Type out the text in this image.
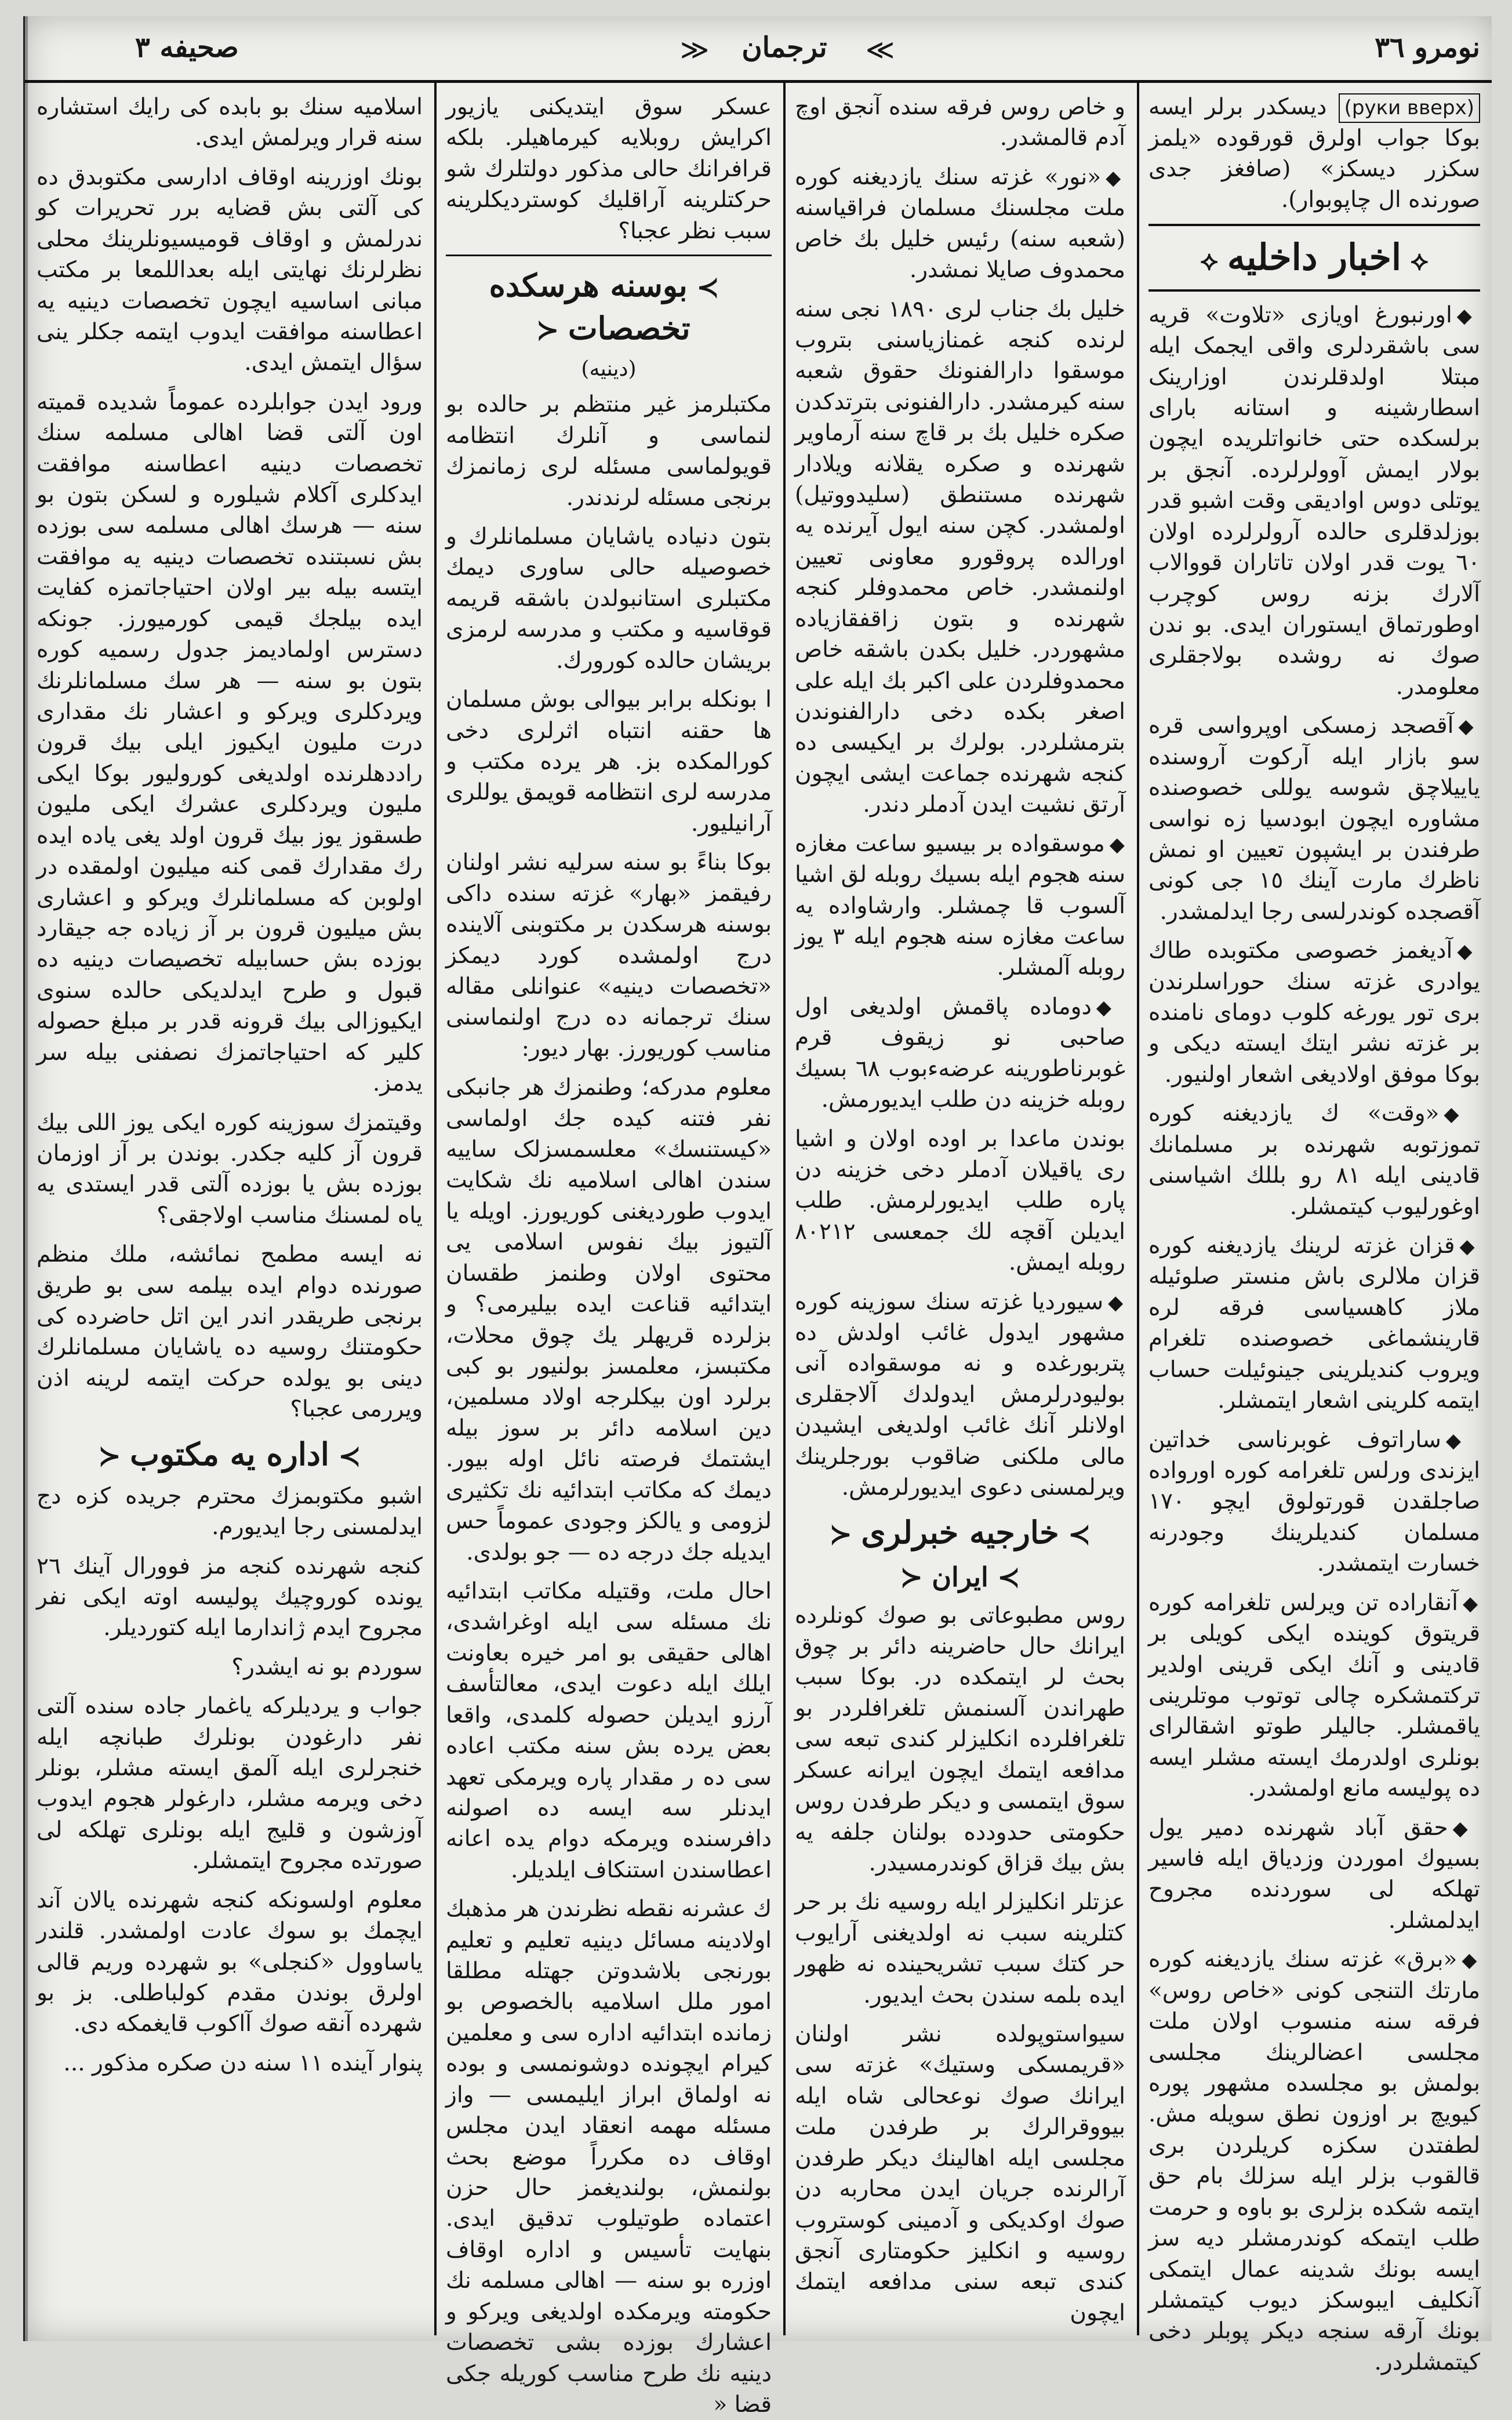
نومرو ٣٦
≫	ترجمان	≪
صحيفه ٣

(руки вверх) دیسکدر برلر ایسه بوکا جواب اولرق قورقوده «یلمز سکزر دیسکز» (صافغز جدی صورنده ال چاپوبوار).

⟡اخبار داخلیه⟡

◆اورنبورغ اویازی «تلاوت» قریه سی باشقردلری واقی ایجمک ایله مبتلا اولدقلرندن اوزارینک اسطارشینه و استانه بارای برلسکده حتی خانواتلریده ایچون بولار ایمش آوولرلرده. آنجق بر یوتلی دوس اوادیقی وقت اشبو قدر بوزلدقلری حالده آرولرلرده اولان ٦٠ یوت قدر اولان تاتاران قووالاب آلارك بزنه روس کوچرب اوطورتماق ایستوران ایدی. بو ندن صوك نه روشده بولاجقلری معلومدر.

◆آقصجد زمسکی اوپرواسی قره سو بازار ایله آرکوت آروسنده یاییلاچق شوسه یوللی خصوصنده مشاوره ایچون ابودسیا زه نواسی طرفندن بر ایشپون تعیین او نمش ناظرك مارت آینك ١٥ جی کونی آقصجده کوندرلسی رجا ایدلمشدر.

◆آدیغمز خصوصی مکتوبده طاك یوادری غزته سنك حوراسلرندن بری تور یورغه کلوب دومای نامنده بر غزته نشر ایتك ایسته دیکی و بوکا موفق اولادیغی اشعار اولنیور.

◆«وقت» ك یازدیغنه کوره تموزتوبه شهرنده بر مسلمانك قادینی ایله ٨١ رو بللك اشیاسنی اوغورلیوب کیتمشلر.

◆قزان غزته لرینك یازدیغنه کوره قزان ملالری باش منستر صلوئیله ملاز کاهسیاسی فرقه لره قارینشماغی خصوصنده تلغرام ویروب کندیلرینی جینوئیلت حساب ایتمه کلرینی اشعار ایتمشلر.

◆ساراتوف غوبرناسی خداتین ایزندی ورلس تلغرامه کوره اورواده صاجلقدن قورتولوق ایچو ١٧٠ مسلمان کندیلرینك وجودرنه خسارت ایتمشدر.

◆آنقاراده تن ویرلس تلغرامه کوره قریتوق کوینده ایکی کویلی بر قادینی و آنك ایکی قرینی اولدیر ترکتمشکره چالی توتوب موتلرینی یاقمشلر. جالیلر طوتو اشقالرای بونلری اولدرمك ایسته مشلر ایسه ده پولیسه مانع اولمشدر.

◆حقق آباد شهرنده دمیر یول بسیوك اموردن وزدیاق ایله فاسیر تهلکه لی سوردنده مجروح ایدلمشلر.

◆«برق» غزته سنك یازدیغنه کوره مارتك التنجی کونی «خاص روس» فرقه سنه منسوب اولان ملت مجلسی اعضالرینك مجلسی بولمش بو مجلسده مشهور پوره کیویچ بر اوزون نطق سویله مش. لطفتدن سکزه کریلردن بری قالقوب بزلر ایله سزلك بام حق ایتمه شکده بزلری بو باوه و حرمت طلب ایتمکه کوندرمشلر دیه سز ایسه بونك شدینه عمال ایتمکی آنکلیف ایبوسکز دیوب کیتمشلر بونك آرقه سنجه دیکر پوبلر دخی کیتمشلردر.

و خاص روس فرقه سنده آنجق اوچ آدم قالمشدر.

◆«نور» غزته سنك یازدیغنه کوره ملت مجلسنك مسلمان فراقیاسنه (شعبه سنه) رئیس خلیل بك خاص محمدوف صایلا نمشدر.

خلیل بك جناب لری ١٨٩٠ نجی سنه لرنده کنجه غمنازیاسنی بتروب موسقوا دارالفنونك حقوق شعبه سنه کیرمشدر. دارالفنونی بترتدکدن صکره خلیل بك بر قاچ سنه آرماویر شهرنده و صکره یقلانه ویلادار شهرنده مستنطق (سلیدووتیل) اولمشدر. کچن سنه ایول آیرنده یه اورالده پروقورو معاونی تعیین اولنمشدر. خاص محمدوفلر کنجه شهرنده و بتون زاقفقازیاده مشهوردر. خلیل بکدن باشقه خاص محمدوفلردن علی اکبر بك ایله علی اصغر بکده دخی دارالفنوندن بترمشلردر. بولرك بر ایکیسی ده کنجه شهرنده جماعت ایشی ایچون آرتق نشیت ایدن آدملر دندر.

◆موسقواده بر بیسیو ساعت مغازه سنه هجوم ایله بسیك روبله لق اشیا آلسوب قا چمشلر. وارشاواده یه ساعت مغازه سنه هجوم ایله ٣ یوز روبله آلمشلر.

◆دوماده پاقمش اولدیغی اول صاحبی نو زیقوف قرم غوبرناطورینه عرضهءبوب ٦٨ بسیك روبله خزینه دن طلب ایدیورمش.

بوندن ماعدا بر اوده اولان و اشیا ری یاقیلان آدملر دخی خزینه دن پاره طلب ایدیورلرمش. طلب ایدیلن آقچه لك جمعسی ٨٠٢١٢ روبله ایمش.

◆سیوردیا غزته سنك سوزینه کوره مشهور ایدول غائب اولدش ده پتربورغده و نه موسقواده آنی بولیودرلرمش ایدولدك آلاجقلری اولانلر آنك غائب اولدیغی ایشیدن مالی ملکنی ضاقوب بورجلرینك ویرلمسنی دعوی ایدیورلرمش.

≻خارجیه خبرلری≺
≻ایران≺

روس مطبوعاتی بو صوك کونلرده ایرانك حال حاضرینه دائر بر چوق بحث لر ایتمکده در. بوکا سبب طهراندن آلسنمش تلغرافلردر بو تلغرافلرده انکلیزلر کندی تبعه سی مدافعه ایتمك ایچون ایرانه عسکر سوق ایتمسی و دیکر طرفدن روس حکومتی حدودده بولنان جلفه یه بش بیك قزاق کوندرمسیدر.

عزتلر انکلیزلر ایله روسیه نك بر حر کتلرینه سبب نه اولدیغنی آرایوب حر کتك سبب تشریحینده نه ظهور ایده بلمه سندن بحث ایدیور.

سیواستوپولده نشر اولنان «قریمسکی وستیك» غزته سی ایرانك صوك نوعحالی شاه ایله بیووقرالرك بر طرفدن ملت مجلسی ایله اهالینك دیکر طرفدن آرالرنده جریان ایدن محاربه دن صوك اوکدیکی و آدمینی کوستروب روسیه و انکلیز حکومتاری آنجق کندی تبعه سنی مدافعه ایتمك ایچون

عسکر سوق ایتدیکنی یازیور اکرایش روبلایه کیرماهیلر. بلکه قرافرانك حالی مذکور دولتلرك شو حرکتلرینه آراقلیك کوستردیکلرینه سبب نظر عجبا؟

≻بوسنه هرسکده تخصصات≺
(دینیه)

مکتبلرمز غیر منتظم بر حالده بو لنماسی و آنلرك انتظامه قویولماسی مسئله لری زمانمزك برنجی مسئله لرندندر.

بتون دنیاده یاشایان مسلمانلرك و خصوصیله حالی ساوری دیمك مکتبلری استانبولدن باشقه قریمه قوقاسیه و مکتب و مدرسه لرمزی بریشان حالده کورورك.

ا بونکله برابر بیوالی بوش مسلمان ها حقنه انتباه اثرلری دخی کورالمکده بز. هر یرده مکتب و مدرسه لری انتظامه قویمق یوللری آرانیلیور.

بوکا بناءً بو سنه سرلیه نشر اولنان رفیقمز «بهار» غزته سنده داکی بوسنه هرسکدن بر مکتوبنی آلاینده درج اولمشده کورد دیمکز «تخصصات دینیه» عنوانلی مقاله سنك ترجمانه ده درج اولنماسنی مناسب کوریورز. بهار دیور:

معلوم مدرکه؛ وطنمزك هر جانبکی نفر فتنه کیده جك اولماسی «کیستنسك» معلسمسزلک ساییه سندن اهالی اسلامیه نك شکایت ایدوب طوردیغنی کوریورز. اویله یا آلتیوز بیك نفوس اسلامی یی محتوی اولان وطنمز طقسان ایتدائیه قناعت ایده بیلیرمی؟ و بزلرده قریهلر یك چوق محلات، مکتبسز، معلمسز بولنیور بو کبی برلرد اون بیکلرجه اولاد مسلمین، دین اسلامه دائر بر سوز بیله ایشتمك فرصته نائل اوله بیور. دیمك که مکاتب ابتدائیه نك تکثیری لزومی و یالکز وجودی عموماً حس ایدیله جك درجه ده — جو بولدی.

احال ملت، وقتیله مکاتب ابتدائیه نك مسئله سی ایله اوغراشدی، اهالی حقیقی بو امر خیره بعاونت ایلك ایله دعوت ایدی، معالتأسف آرزو ایدیلن حصوله کلمدی، واقعا بعض یرده بش سنه مکتب اعاده سی ده ر مقدار پاره ویرمکی تعهد ایدنلر سه ایسه ده اصولنه دافرسنده ویرمکه دوام یده اعانه اعطاسندن استنکاف ایلدیلر.

ك عشرنه نقطه نظرندن هر مذهبك اولادینه مسائل دینیه تعلیم و تعلیم بورنجی بلاشدوتن جهتله مطلقا امور ملل اسلامیه بالخصوص بو زمانده ابتدائیه اداره سی و معلمین کیرام ایچونده دوشونمسی و بوده نه اولماق ابراز ایلیمسی — واز مسئله مهمه انعقاد ایدن مجلس اوقاف ده مکرراً موضع بحث بولنمش، بولندیغمز حال حزن اعتماده طوتیلوب تدقیق ایدی. بنهایت تأسیس و اداره اوقاف اوزره بو سنه — اهالی مسلمه نك حکومته ویرمکده اولدیغی ویرکو و اعشارك بوزده بشی تخصصات دینیه نك طرح مناسب کوریله جکی قضا «

اسلامیه سنك بو بابده کی رایك استشاره سنه قرار ویرلمش ایدی.

بونك اوزرینه اوقاف ادارسی مکتوبدق ده کی آلتی بش قضایه برر تحریرات کو ندرلمش و اوقاف قومیسیونلرینك محلی نظرلرنك نهایتی ایله بعداللمعا بر مکتب مبانی اساسیه ایچون تخصصات دینیه یه اعطاسنه موافقت ایدوب ایتمه جکلر ینی سؤال ایتمش ایدی.

ورود ایدن جوابلرده عموماً شدیده قمیته اون آلتی قضا اهالی مسلمه سنك تخصصات دینیه اعطاسنه موافقت ایدکلری آکلام شیلوره و لسکن بتون بو سنه — هرسك اهالی مسلمه سی بوزده بش نسبتنده تخصصات دینیه یه موافقت ایتسه بیله بیر اولان احتیاجاتمزه کفایت ایده بیلجك قیمی کورمیورز. جونکه دسترس اولمادیمز جدول رسمیه کوره بتون بو سنه — هر سك مسلمانلرنك ویردکلری ویرکو و اعشار نك مقداری درت ملیون ایکیوز ایلی بیك قرون راددهلرنده اولدیغی کورولیور بوکا ایکی ملیون ویردکلری عشرك ایکی ملیون طسقوز یوز بیك قرون اولد یغی یاده ایده رك مقدارك قمی کنه میلیون اولمقده در اولوبن که مسلمانلرك ویرکو و اعشاری بش میلیون قرون بر آز زیاده جه جیقارد بوزده بش حسابیله تخصیصات دینیه ده قبول و طرح ایدلدیکی حالده سنوی ایکیوزالی بیك قرونه قدر بر مبلغ حصوله کلیر که احتیاجاتمزك نصفنی بیله سر یدمز.

وقیتمزك سوزینه کوره ایکی یوز اللی بیك قرون آز کلیه جکدر. بوندن بر آز اوزمان بوزده بش یا بوزده آلتی قدر ایستدی یه یاه لمسنك مناسب اولاجقی؟

نه ایسه مطمح نمائشه، ملك منظم صورنده دوام ایده بیلمه سی بو طریق برنجی طریقدر اندر این اتل حاضرده کی حکومتنك روسیه ده یاشایان مسلمانلرك دینی بو یولده حرکت ایتمه لرینه اذن ویررمی عجبا؟

≻اداره یه مکتوب≺

اشبو مکتوبمزك محترم جریده کزه دج ایدلمسنی رجا ایدیورم.

کنجه شهرنده کنجه مز فوورال آینك ٢٦ یونده کوروچیك پولیسه اوته ایکی نفر مجروح ایدم ژاندارما ایله کتوردیلر.

سوردم بو نه ایشدر؟

جواب و یردیلرکه یاغمار جاده سنده آلتی نفر دارغودن بونلرك طبانچه ایله خنجرلری ایله آلمق ایسته مشلر، بونلر دخی ویرمه مشلر، دارغولر هجوم ایدوب آوزشون و قلیج ایله بونلری تهلکه لی صورتده مجروح ایتمشلر.

معلوم اولسونکه کنجه شهرنده یالان آند ایچمك بو سوك عادت اولمشدر. قلندر یاساوول «کنجلی» بو شهرده وریم قالی اولرق بوندن مقدم کولباطلی. بز بو شهرده آنقه صوك آاكوب قایغمکه دی.

پنوار آینده ١١ سنه دن صکره مذکور ...
